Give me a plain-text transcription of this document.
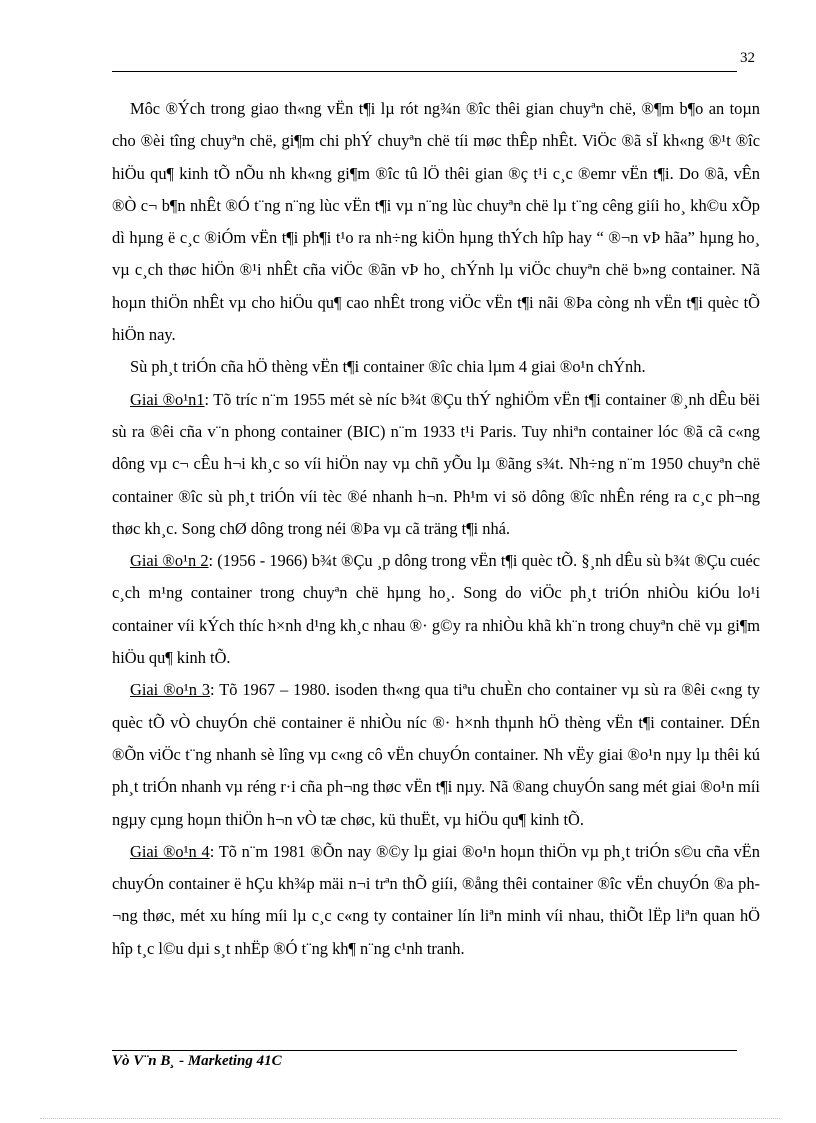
32

Môc ®Ých trong giao th«ng vËn t¶i lµ rót ng¾n ®îc thêi gian chuyªn chë, ®¶m b¶o an toµn cho ®èi tîng chuyªn chë, gi¶m chi phÝ chuyªn chë tíi møc thÊp nhÊt. ViÖc ®ã sÏ kh«ng ®¹t ®îc hiÖu qu¶ kinh tÕ nÕu nh kh«ng gi¶m ®îc tû lÖ thêi gian ®ç t¹i c¸c ®emr vËn t¶i. Do ®ã, vÊn ®Ò c¬ b¶n nhÊt ®Ó t¨ng n¨ng lùc vËn t¶i vµ n¨ng lùc chuyªn chë lµ t¨ng cêng giíi ho¸ kh©u xÕp dì hµng ë c¸c ®iÓm vËn t¶i ph¶i t¹o ra nh÷ng kiÖn hµng thÝch hîp hay “ ®¬n vÞ hãa” hµng ho¸ vµ c¸ch thøc hiÖn ®¹i nhÊt cña viÖc ®ãn vÞ ho¸ chÝnh lµ viÖc chuyªn chë b»ng container. Nã hoµn thiÖn nhÊt vµ cho hiÖu qu¶ cao nhÊt trong viÖc vËn t¶i nãi ®Þa còng nh vËn t¶i quèc tÕ hiÖn nay.

Sù ph¸t triÓn cña hÖ thèng vËn t¶i container ®îc chia lµm 4 giai ®o¹n chÝnh.

Giai ®o¹n1: Tõ tríc n¨m 1955 mét sè níc b¾t ®Çu thÝ nghiÖm vËn t¶i container ®¸nh dÊu bëi sù ra ®êi cña v¨n phong container (BIC) n¨m 1933 t¹i Paris. Tuy nhiªn container lóc ®ã cã c«ng dông vµ c¬ cÊu h¬i kh¸c so víi hiÖn nay vµ chñ yÕu lµ ®ãng s¾t. Nh÷ng n¨m 1950 chuyªn chë container ®îc sù ph¸t triÓn víi tèc ®é nhanh h¬n. Ph¹m vi sö dông ®îc nhÊn réng ra c¸c ph¬ng thøc kh¸c. Song chØ dông trong néi ®Þa vµ cã träng t¶i nhá.

Giai ®o¹n 2: (1956 - 1966) b¾t ®Çu ¸p dông trong vËn t¶i quèc tÕ. §¸nh dÊu sù b¾t ®Çu cuéc c¸ch m¹ng container trong chuyªn chë hµng ho¸. Song do viÖc ph¸t triÓn nhiÒu kiÓu lo¹i container víi kÝch thíc h×nh d¹ng kh¸c nhau ®· g©y ra nhiÒu khã kh¨n trong chuyªn chë vµ gi¶m hiÖu qu¶ kinh tÕ.

Giai ®o¹n 3: Tõ 1967 – 1980. isoden th«ng qua tiªu chuÈn cho container vµ sù ra ®êi c«ng ty quèc tÕ vÒ chuyÓn chë container ë nhiÒu níc ®· h×nh thµnh hÖ thèng vËn t¶i container. DÉn ®Õn viÖc t¨ng nhanh sè lîng vµ c«ng cô vËn chuyÓn container. Nh vËy giai ®o¹n nµy lµ thêi kú ph¸t triÓn nhanh vµ réng r·i cña ph¬ng thøc vËn t¶i nµy. Nã ®ang chuyÓn sang mét giai ®o¹n míi ngµy cµng hoµn thiÖn h¬n vÒ tæ chøc, kü thuËt, vµ hiÖu qu¶ kinh tÕ.

Giai ®o¹n 4: Tõ n¨m 1981 ®Õn nay ®©y lµ giai ®o¹n hoµn thiÖn vµ ph¸t triÓn s©u cña vËn chuyÓn container ë hÇu kh¾p mäi n¬i trªn thÕ giíi, ®ång thêi container ®îc vËn chuyÓn ®a ph¬ng thøc, mét xu híng míi lµ c¸c c«ng ty container lín liªn minh víi nhau, thiÕt lËp liªn quan hÖ hîp t¸c l©u dµi s¸t nhËp ®Ó t¨ng kh¶ n¨ng c¹nh tranh.

Vò V¨n B¸ - Marketing 41C
